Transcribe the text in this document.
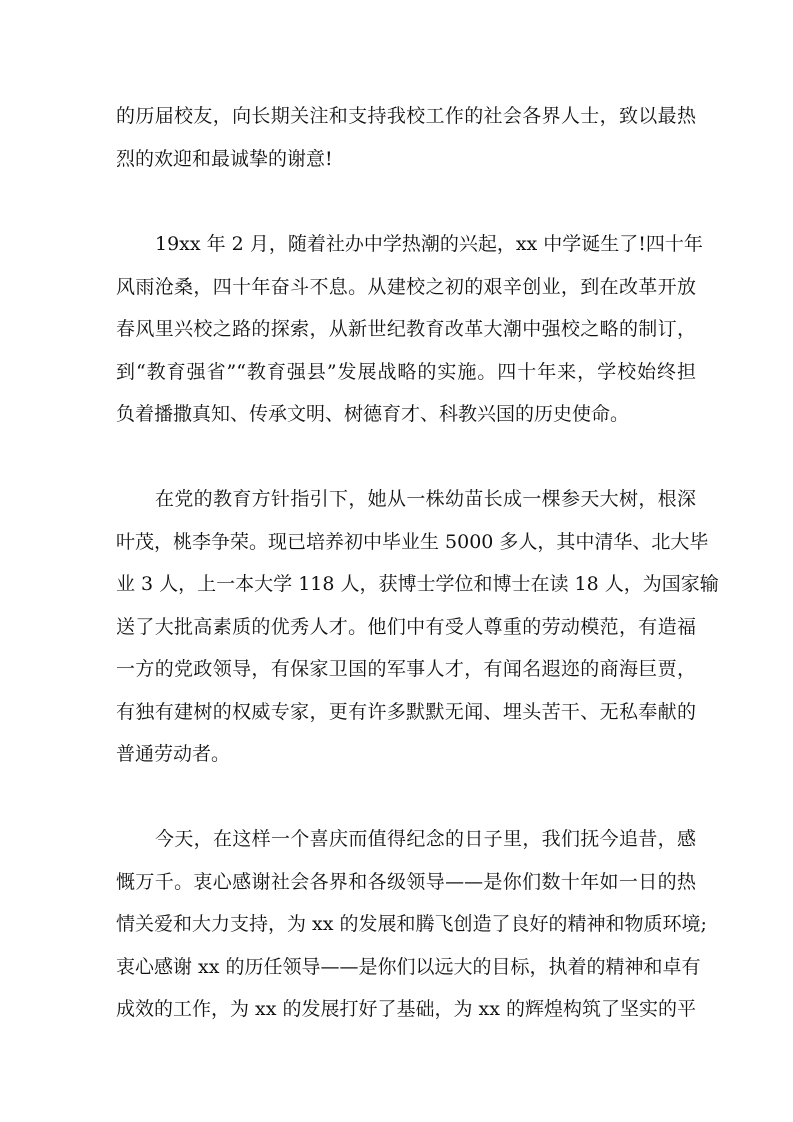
的历届校友，向长期关注和支持我校工作的社会各界人士，致以最热
烈的欢迎和最诚挚的谢意!
19xx 年 2 月，随着社办中学热潮的兴起，xx 中学诞生了!四十年
风雨沧桑，四十年奋斗不息。从建校之初的艰辛创业，到在改革开放
春风里兴校之路的探索，从新世纪教育改革大潮中强校之略的制订，
到“教育强省”“教育强县”发展战略的实施。四十年来，学校始终担
负着播撒真知、传承文明、树德育才、科教兴国的历史使命。
在党的教育方针指引下，她从一株幼苗长成一棵参天大树，根深
叶茂，桃李争荣。现已培养初中毕业生 5000 多人，其中清华、北大毕
业 3 人，上一本大学 118 人，获博士学位和博士在读 18 人，为国家输
送了大批高素质的优秀人才。他们中有受人尊重的劳动模范，有造福
一方的党政领导，有保家卫国的军事人才，有闻名遐迩的商海巨贾，
有独有建树的权威专家，更有许多默默无闻、埋头苦干、无私奉献的
普通劳动者。
今天，在这样一个喜庆而值得纪念的日子里，我们抚今追昔，感
慨万千。衷心感谢社会各界和各级领导——是你们数十年如一日的热
情关爱和大力支持，为 xx 的发展和腾飞创造了良好的精神和物质环境;
衷心感谢 xx 的历任领导——是你们以远大的目标，执着的精神和卓有
成效的工作，为 xx 的发展打好了基础，为 xx 的辉煌构筑了坚实的平
